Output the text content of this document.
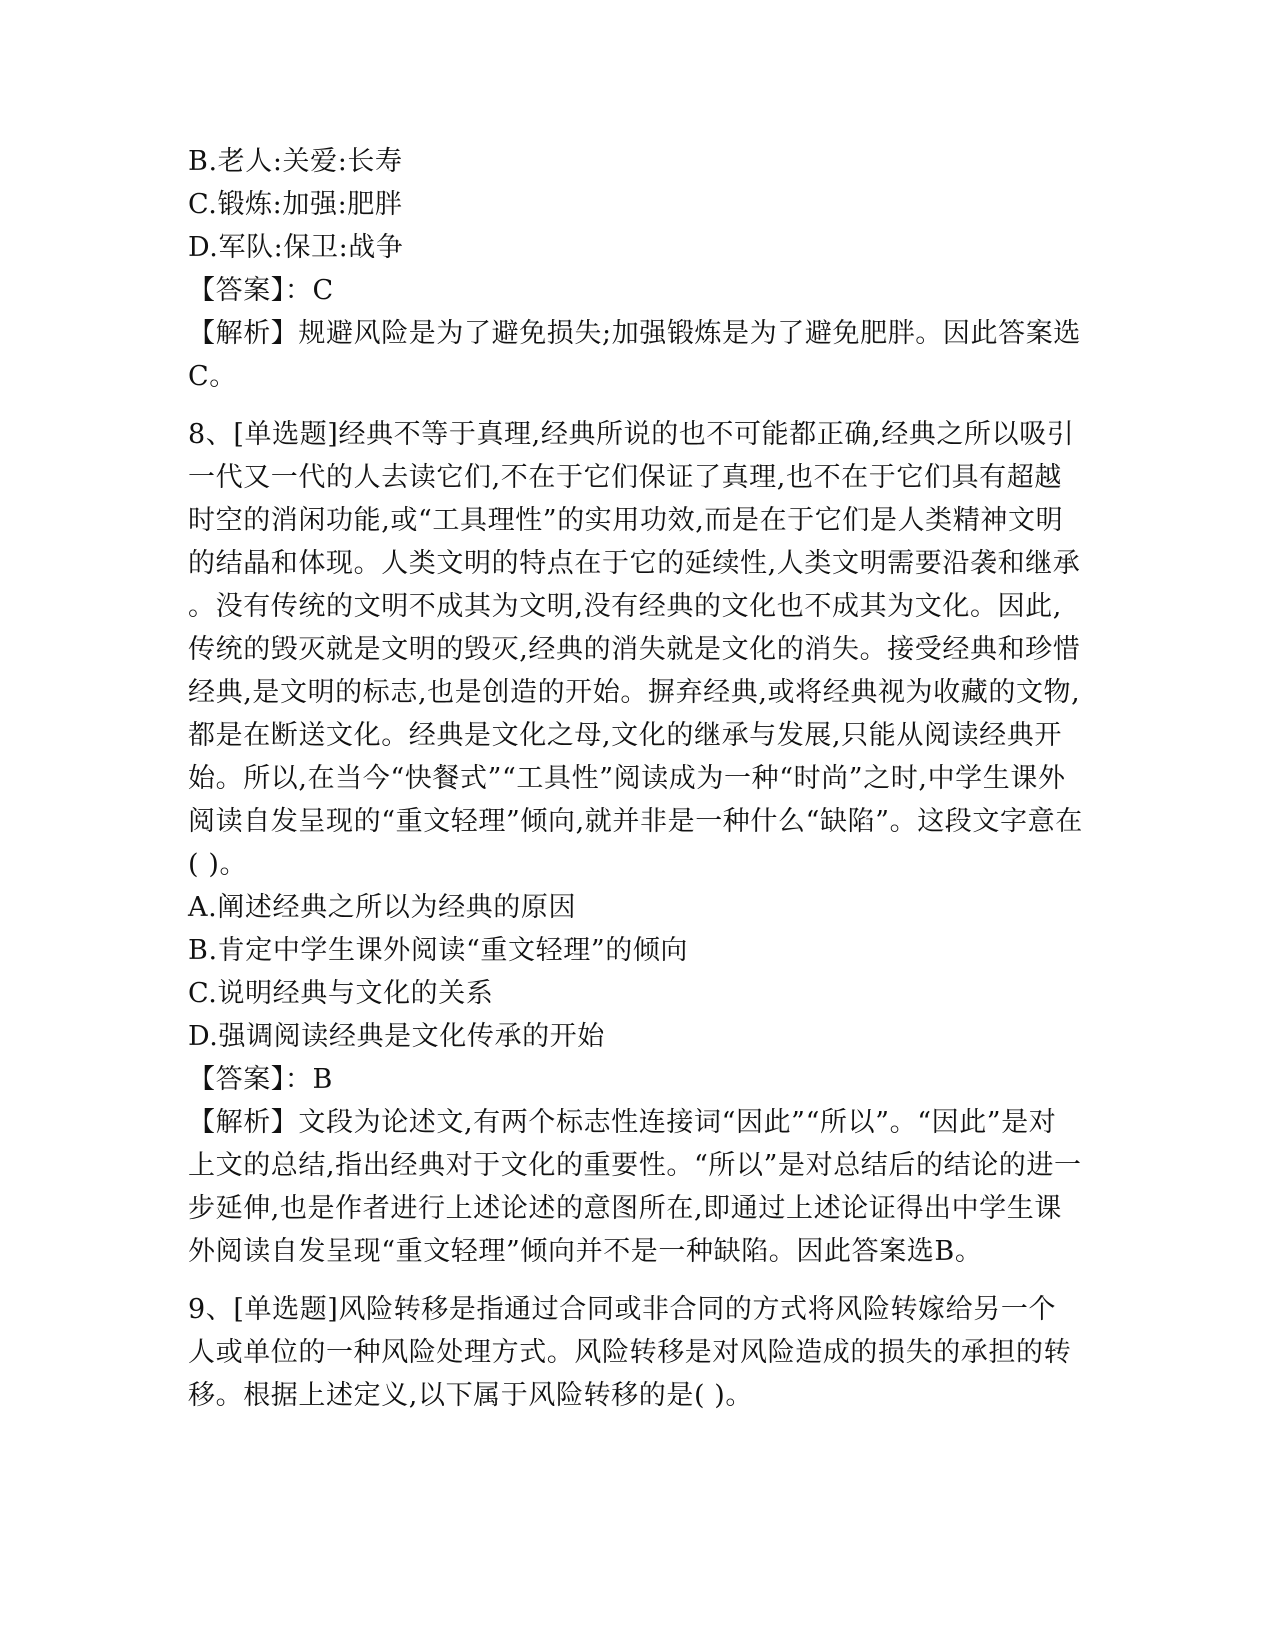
B.老人:关爱:长寿
C.锻炼:加强:肥胖
D.军队:保卫:战争
【答案】：C
【解析】规避风险是为了避免损失;加强锻炼是为了避免肥胖。因此答案选C。
8、[单选题]经典不等于真理,经典所说的也不可能都正确,经典之所以吸引一代又一代的人去读它们,不在于它们保证了真理,也不在于它们具有超越时空的消闲功能,或“工具理性”的实用功效,而是在于它们是人类精神文明的结晶和体现。人类文明的特点在于它的延续性,人类文明需要沿袭和继承。没有传统的文明不成其为文明,没有经典的文化也不成其为文化。因此,传统的毁灭就是文明的毁灭,经典的消失就是文化的消失。接受经典和珍惜经典,是文明的标志,也是创造的开始。摒弃经典,或将经典视为收藏的文物,都是在断送文化。经典是文化之母,文化的继承与发展,只能从阅读经典开始。所以,在当今“快餐式”“工具性”阅读成为一种“时尚”之时,中学生课外阅读自发呈现的“重文轻理”倾向,就并非是一种什么“缺陷”。这段文字意在( )。
A.阐述经典之所以为经典的原因
B.肯定中学生课外阅读“重文轻理”的倾向
C.说明经典与文化的关系
D.强调阅读经典是文化传承的开始
【答案】：B
【解析】文段为论述文,有两个标志性连接词“因此”“所以”。“因此”是对上文的总结,指出经典对于文化的重要性。“所以”是对总结后的结论的进一步延伸,也是作者进行上述论述的意图所在,即通过上述论证得出中学生课外阅读自发呈现“重文轻理”倾向并不是一种缺陷。因此答案选B。
9、[单选题]风险转移是指通过合同或非合同的方式将风险转嫁给另一个人或单位的一种风险处理方式。风险转移是对风险造成的损失的承担的转移。根据上述定义,以下属于风险转移的是( )。
